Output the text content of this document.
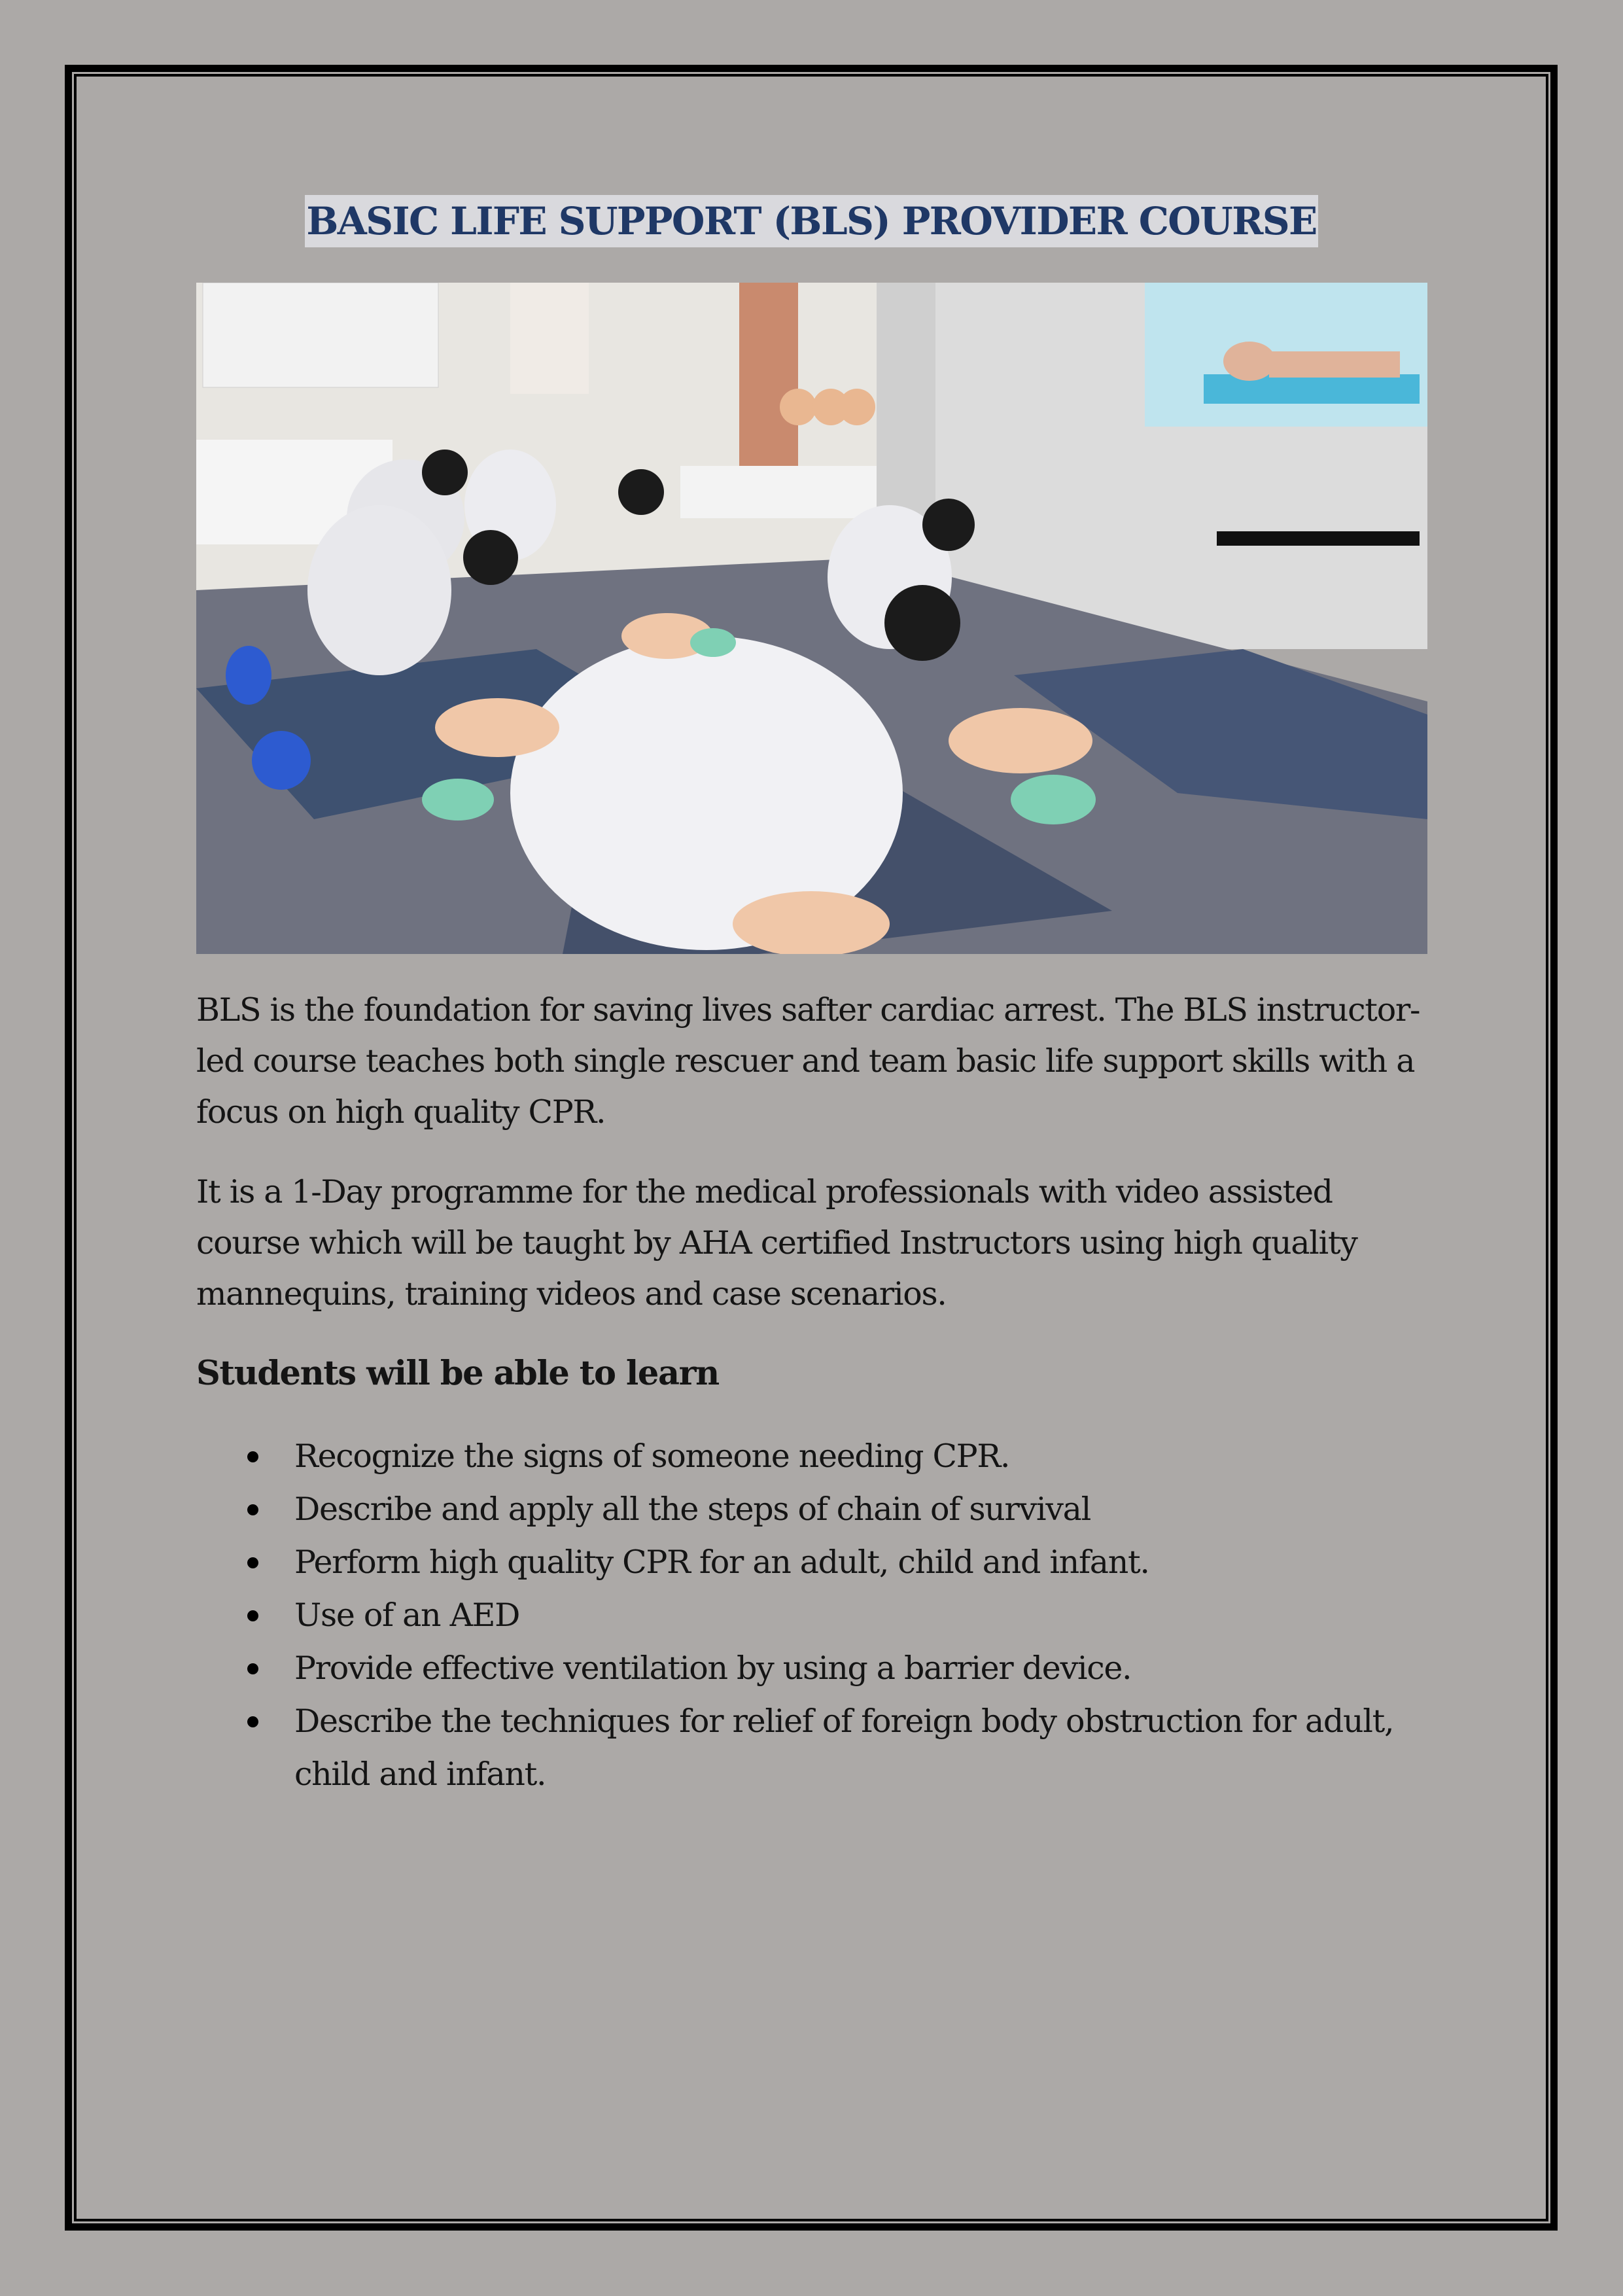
BASIC LIFE SUPPORT (BLS) PROVIDER COURSE
BLS is the foundation for saving lives safter cardiac arrest. The BLS instructor-led course teaches both single rescuer and team basic life support skills with a focus on high quality CPR.
It is a 1-Day programme for the medical professionals with video assisted course which will be taught by AHA certified Instructors using high quality mannequins, training videos and case scenarios.
Students will be able to learn
Recognize the signs of someone needing CPR.
Describe and apply all the steps of chain of survival
Perform high quality CPR for an adult, child and infant.
Use of an AED
Provide effective ventilation by using a barrier device.
Describe the techniques for relief of foreign body obstruction for adult, child and infant.
